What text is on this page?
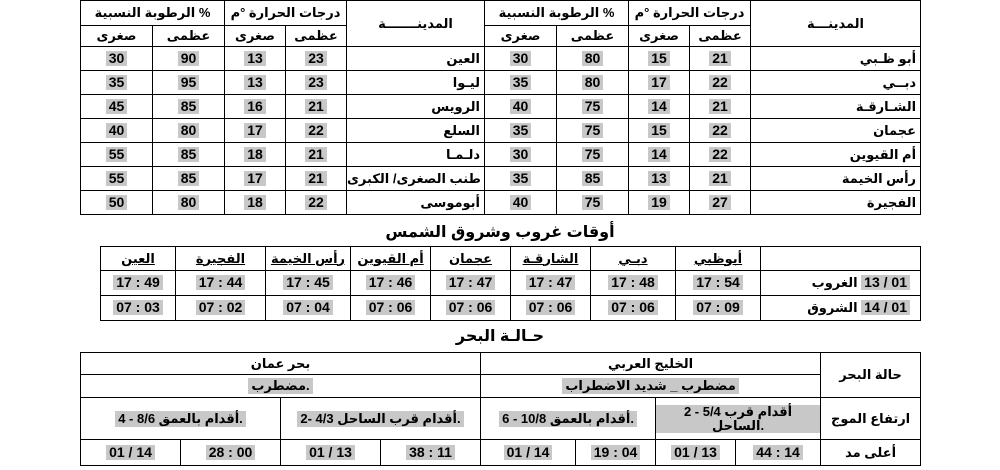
الرطوبة النسبية %		درجات الحرارة °م		المدينـــــــة	الرطوبة النسبية %		درجات الحرارة °م		المدينـــة
صغرى	عظمى	صغرى	عظمى		صغرى	عظمى	صغرى	عظمى	
30	90	13	23	العين	30	80	15	21	أبو ظـبي
35	95	13	23	ليـوا	35	80	17	22	دبــي
45	85	16	21	الرويس	40	75	14	21	الشـارقـة
40	80	17	22	السلع	35	75	15	22	عجمان
55	85	18	21	دلـمـا	30	75	14	22	أم القيوين
55	85	17	21	طنب الصغرى/ الكبرى	35	85	13	21	رأس الخيمة
50	80	18	22	أبوموسى	40	75	19	27	الفجيرة
أوقات غروب وشروق الشمس
العين	الفجيرة	رأس الخيمة	أم القيوين	عجمان	الشارقـة	دبـي	أبوظبي	
17 : 49	17 : 44	17 : 45	17 : 46	17 : 47	17 : 47	17 : 48	17 : 54	الغروب 13 / 01
07 : 03	07 : 02	07 : 04	07 : 06	07 : 06	07 : 06	07 : 06	07 : 09	الشروق 14 / 01
حـالـة البحر
بحر عمان				الخليج العربي				حالة البحر
مضطرب.				مضطرب _ شديد الاضطراب				
4 - 8/6 أقدام بالعمق.		2- 4/3 أقدام قرب الساحل.		6 - 10/8 أقدام بالعمق.		2 - 5/4 أقدام قرب الساحل.		ارتفاع الموج
01 / 14	28 : 00	01 / 13	38 : 11	01 / 14	19 : 04	01 / 13	44 : 14	أعلى مد
